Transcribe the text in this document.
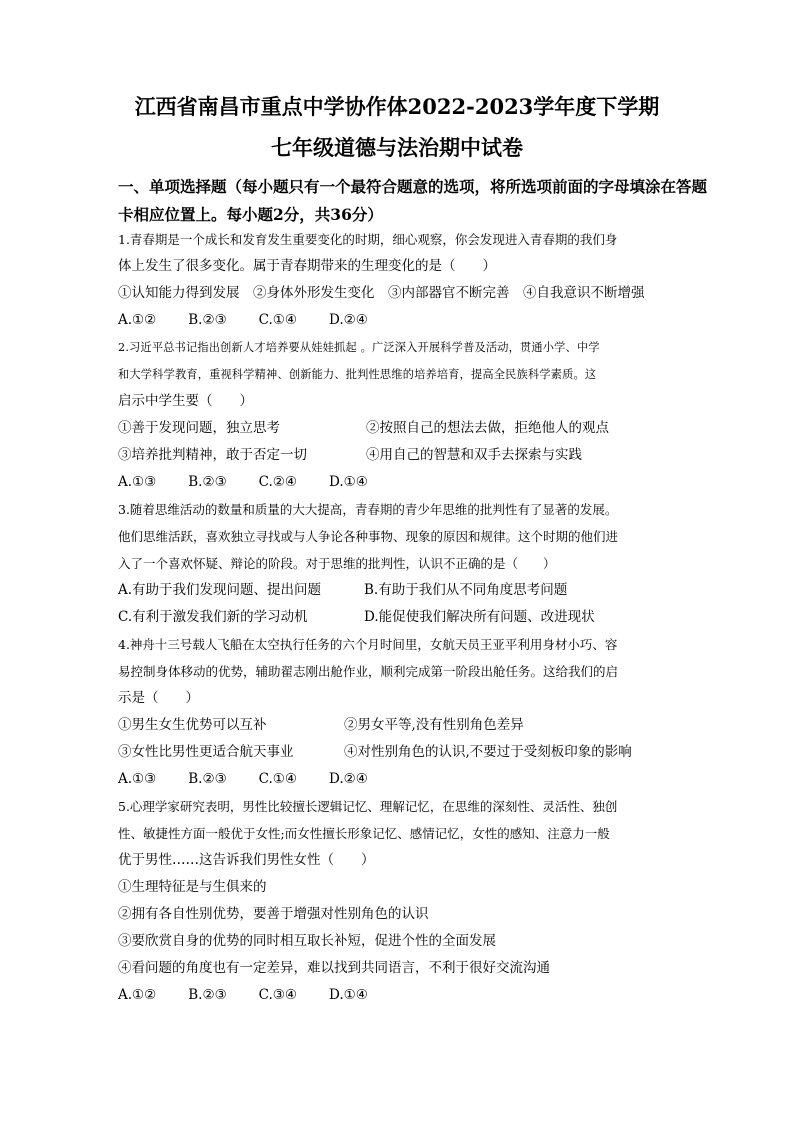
江西省南昌市重点中学协作体2022-2023学年度下学期
七年级道德与法治期中试卷
一、单项选择题（每小题只有一个最符合题意的选项，将所选项前面的字母填涂在答题
卡相应位置上。每小题2分，共36分）
1.青春期是一个成长和发育发生重要变化的时期，细心观察，你会发现进入青春期的我们身
体上发生了很多变化。属于青春期带来的生理变化的是（　　）
①认知能力得到发展　②身体外形发生变化　③内部器官不断完善　④自我意识不断增强
A.①② B.②③ C.①④ D.②④
2.习近平总书记指出创新人才培养要从娃娃抓起 。广泛深入开展科学普及活动，贯通小学、中学
和大学科学教育，重视科学精神、创新能力、批判性思维的培养培育，提高全民族科学素质。这
启示中学生要（　　）
①善于发现问题，独立思考	②按照自己的想法去做，拒绝他人的观点
③培养批判精神，敢于否定一切	④用自己的智慧和双手去探索与实践
A.①③ B.②③ C.②④ D.①④
3.随着思维活动的数量和质量的大大提高，青春期的青少年思维的批判性有了显著的发展。
他们思维活跃，喜欢独立寻找或与人争论各种事物、现象的原因和规律。这个时期的他们进
入了一个喜欢怀疑、辩论的阶段。对于思维的批判性，认识不正确的是（　　）
A.有助于我们发现问题、提出问题	B.有助于我们从不同角度思考问题
C.有利于激发我们新的学习动机	D.能促使我们解决所有问题、改进现状
4.神舟十三号载人飞船在太空执行任务的六个月时间里，女航天员王亚平利用身材小巧、容
易控制身体移动的优势，辅助翟志刚出舱作业，顺利完成第一阶段出舱任务。这给我们的启
示是（　　）
①男生女生优势可以互补	②男女平等,没有性别角色差异
③女性比男性更适合航天事业	④对性别角色的认识,不要过于受刻板印象的影响
A.①③ B.②③ C.①④ D.②④
5.心理学家研究表明，男性比较擅长逻辑记忆、理解记忆，在思维的深刻性、灵活性、独创
性、敏捷性方面一般优于女性;而女性擅长形象记忆、感情记忆，女性的感知、注意力一般
优于男性……这告诉我们男性女性（　　）
①生理特征是与生俱来的
②拥有各自性别优势，要善于增强对性别角色的认识
③要欣赏自身的优势的同时相互取长补短，促进个性的全面发展
④看问题的角度也有一定差异，难以找到共同语言，不利于很好交流沟通
A.①② B.②③ C.③④ D.①④
